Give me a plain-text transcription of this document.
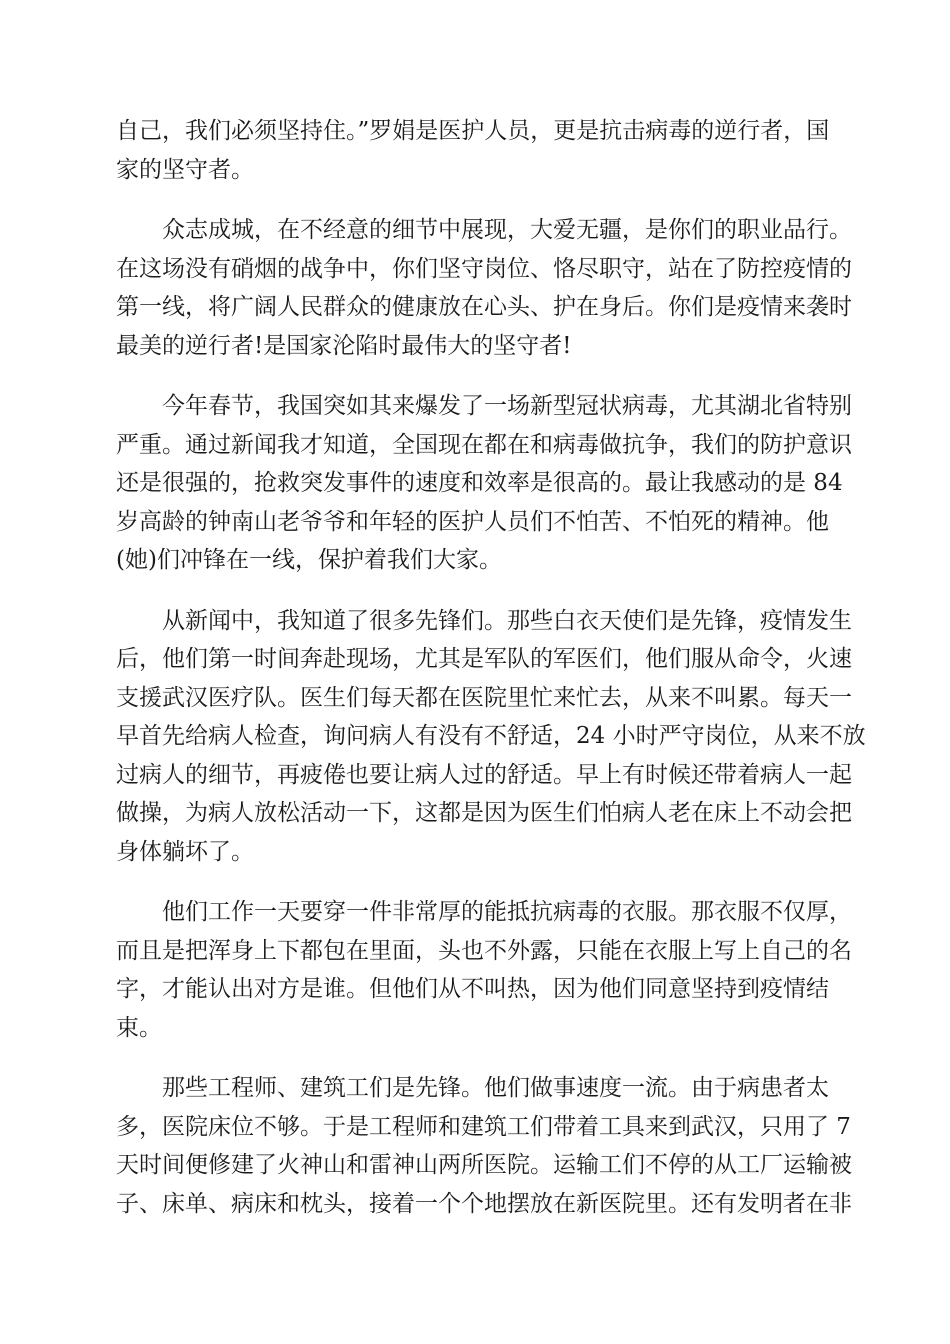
自己，我们必须坚持住。”罗娟是医护人员，更是抗击病毒的逆行者，国
家的坚守者。

众志成城，在不经意的细节中展现，大爱无疆，是你们的职业品行。
在这场没有硝烟的战争中，你们坚守岗位、恪尽职守，站在了防控疫情的
第一线，将广阔人民群众的健康放在心头、护在身后。你们是疫情来袭时
最美的逆行者!是国家沦陷时最伟大的坚守者!

今年春节，我国突如其来爆发了一场新型冠状病毒，尤其湖北省特别
严重。通过新闻我才知道，全国现在都在和病毒做抗争，我们的防护意识
还是很强的，抢救突发事件的速度和效率是很高的。最让我感动的是 84
岁高龄的钟南山老爷爷和年轻的医护人员们不怕苦、不怕死的精神。他
(她)们冲锋在一线，保护着我们大家。

从新闻中，我知道了很多先锋们。那些白衣天使们是先锋，疫情发生
后，他们第一时间奔赴现场，尤其是军队的军医们，他们服从命令，火速
支援武汉医疗队。医生们每天都在医院里忙来忙去，从来不叫累。每天一
早首先给病人检查，询问病人有没有不舒适，24 小时严守岗位，从来不放
过病人的细节，再疲倦也要让病人过的舒适。早上有时候还带着病人一起
做操，为病人放松活动一下，这都是因为医生们怕病人老在床上不动会把
身体躺坏了。

他们工作一天要穿一件非常厚的能抵抗病毒的衣服。那衣服不仅厚，
而且是把浑身上下都包在里面，头也不外露，只能在衣服上写上自己的名
字，才能认出对方是谁。但他们从不叫热，因为他们同意坚持到疫情结
束。

那些工程师、建筑工们是先锋。他们做事速度一流。由于病患者太
多，医院床位不够。于是工程师和建筑工们带着工具来到武汉，只用了 7
天时间便修建了火神山和雷神山两所医院。运输工们不停的从工厂运输被
子、床单、病床和枕头，接着一个个地摆放在新医院里。还有发明者在非
